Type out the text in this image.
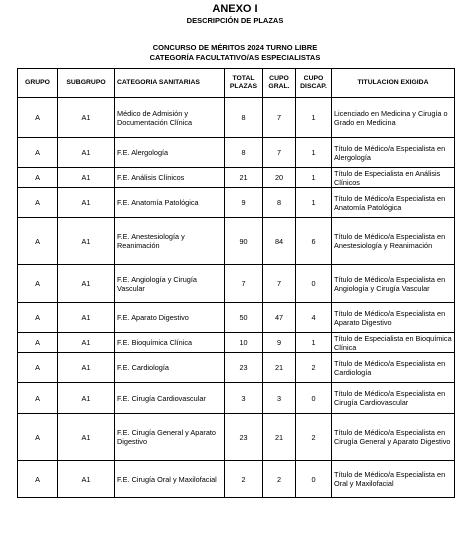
ANEXO I
DESCRIPCIÓN DE PLAZAS
CONCURSO DE MÉRITOS 2024 TURNO LIBRE
CATEGORÍA FACULTATIVO/AS ESPECIALISTAS
GRUPO	SUBGRUPO	CATEGORIA SANITARIAS	TOTAL PLAZAS	CUPO GRAL.	CUPO DISCAP.	TITULACION EXIGIDA
A	A1	Médico de Admisión y Documentación Clínica	8	7	1	Licenciado en Medicina y Cirugía o Grado en Medicina
A	A1	F.E. Alergología	8	7	1	Título de Médico/a Especialista en Alergología
A	A1	F.E. Análisis Clínicos	21	20	1	Título de Especialista en Análisis Clínicos
A	A1	F.E. Anatomía Patológica	9	8	1	Título de Médico/a Especialista en Anatomía Patológica
A	A1	F.E. Anestesiología y Reanimación	90	84	6	Título de Médico/a Especialista en Anestesiología y Reanimación
A	A1	F.E. Angiología y Cirugía Vascular	7	7	0	Título de Médico/a Especialista en Angiología y Cirugía Vascular
A	A1	F.E. Aparato Digestivo	50	47	4	Título de Médico/a Especialista en Aparato Digestivo
A	A1	F.E. Bioquímica Clínica	10	9	1	Título de Especialista en Bioquímica Clínica
A	A1	F.E. Cardiología	23	21	2	Título de Médico/a Especialista en Cardiología
A	A1	F.E. Cirugía Cardiovascular	3	3	0	Título de Médico/a Especialista en Cirugía Cardiovascular
A	A1	F.E. Cirugía General y Aparato Digestivo	23	21	2	Título de Médico/a Especialista en Cirugía General y Aparato Digestivo
A	A1	F.E. Cirugía Oral y Maxilofacial	2	2	0	Título de Médico/a Especialista en Oral y Maxilofacial
